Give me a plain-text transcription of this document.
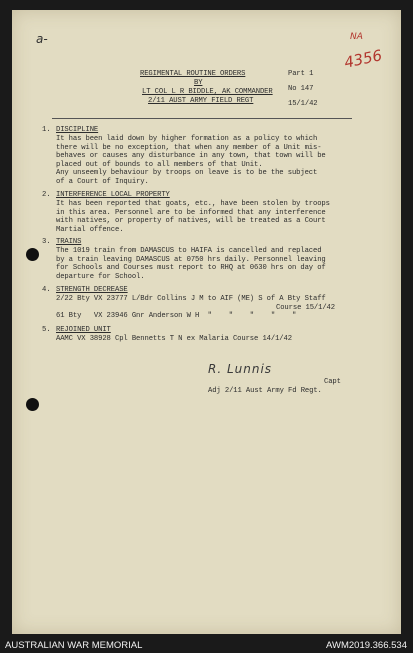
a-	NA
4356
REGIMENTAL ROUTINE ORDERS
BY
LT COL L R BIDDLE, AK COMMANDER
2/11 AUST ARMY FIELD REGT
Part 1
No 147
15/1/42
1. DISCIPLINE
It has been laid down by higher formation as a policy to which
there will be no exception, that when any member of a Unit mis-
behaves or causes any disturbance in any town, that town will be
placed out of bounds to all members of that Unit.
Any unseemly behaviour by troops on leave is to be the subject
of a Court of Inquiry.
2. INTERFERENCE LOCAL PROPERTY
It has been reported that goats, etc., have been stolen by troops
in this area. Personnel are to be informed that any interference
with natives, or property of natives, will be treated as a Court
Martial offence.
3. TRAINS
The 1019 train from DAMASCUS to HAIFA is cancelled and replaced
by a train leaving DAMASCUS at 0750 hrs daily. Personnel leaving
for Schools and Courses must report to RHQ at 0630 hrs on day of
departure for School.
4. STRENGTH DECREASE
2/22 Bty VX 23777 L/Bdr Collins J M to AIF (ME) S of A Bty Staff
Course 15/1/42
61 Bty   VX 23946 Gnr Anderson W H  "    "    "    "    "
5. REJOINED UNIT
AAMC VX 38928 Cpl Bennetts T N ex Malaria Course 14/1/42
R. Lunnis
Capt
Adj 2/11 Aust Army Fd Regt.
AUSTRALIAN WAR MEMORIAL	AWM2019.366.534
